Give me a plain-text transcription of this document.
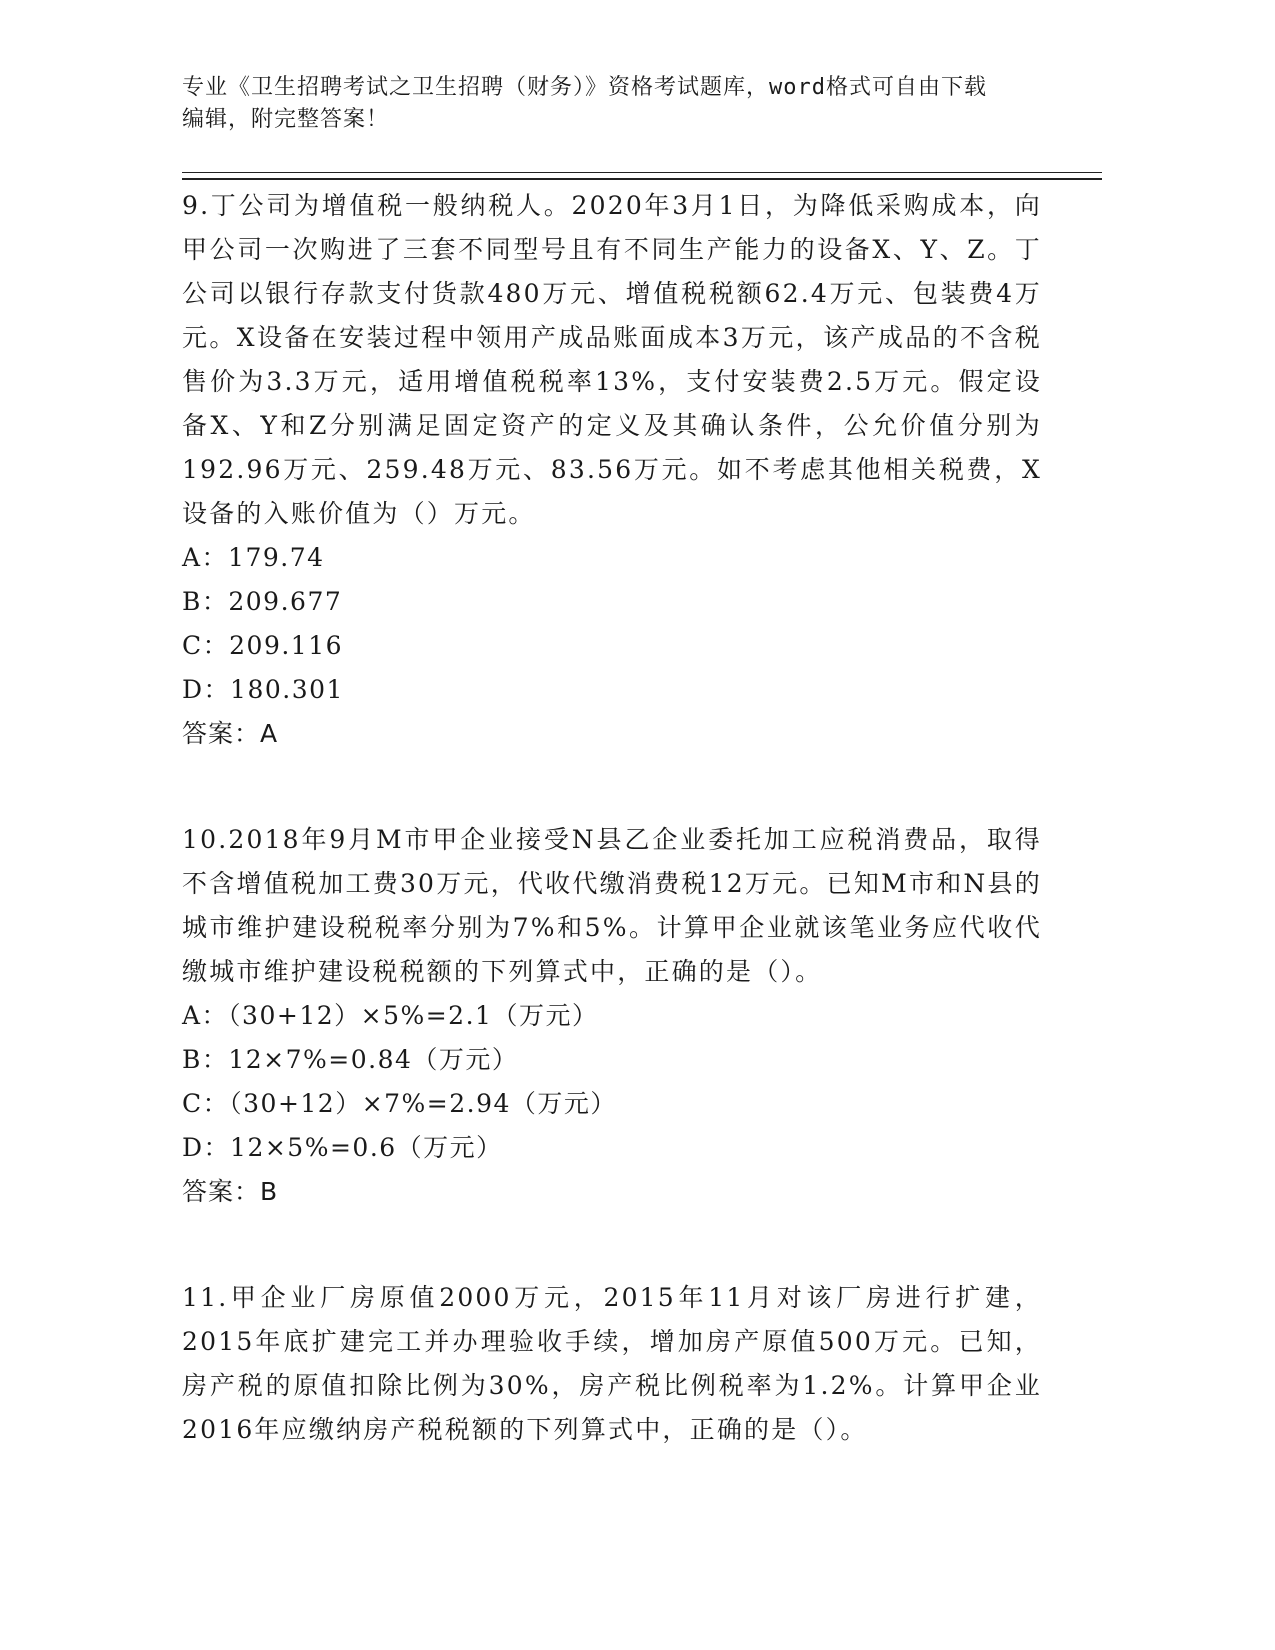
专业《卫生招聘考试之卫生招聘（财务）》资格考试题库，word格式可自由下载
编辑，附完整答案！

9.丁公司为增值税一般纳税人。2020年3月1日，为降低采购成本，向甲公司一次购进了三套不同型号且有不同生产能力的设备X、Y、Z。丁公司以银行存款支付货款480万元、增值税税额62.4万元、包装费4万元。X设备在安装过程中领用产成品账面成本3万元，该产成品的不含税售价为3.3万元，适用增值税税率13%，支付安装费2.5万元。假定设备X、Y和Z分别满足固定资产的定义及其确认条件，公允价值分别为192.96万元、259.48万元、83.56万元。如不考虑其他相关税费，X设备的入账价值为（）万元。

A：179.74

B：209.677

C：209.116

D：180.301

答案：A

10.2018年9月M市甲企业接受N县乙企业委托加工应税消费品，取得不含增值税加工费30万元，代收代缴消费税12万元。已知M市和N县的城市维护建设税税率分别为7%和5%。计算甲企业就该笔业务应代收代缴城市维护建设税税额的下列算式中，正确的是（）。

A：（30+12）×5%=2.1（万元）

B：12×7%=0.84（万元）

C：（30+12）×7%=2.94（万元）

D：12×5%=0.6（万元）

答案：B

11.甲企业厂房原值2000万元，2015年11月对该厂房进行扩建，2015年底扩建完工并办理验收手续，增加房产原值500万元。已知，房产税的原值扣除比例为30%，房产税比例税率为1.2%。计算甲企业2016年应缴纳房产税税额的下列算式中，正确的是（）。
